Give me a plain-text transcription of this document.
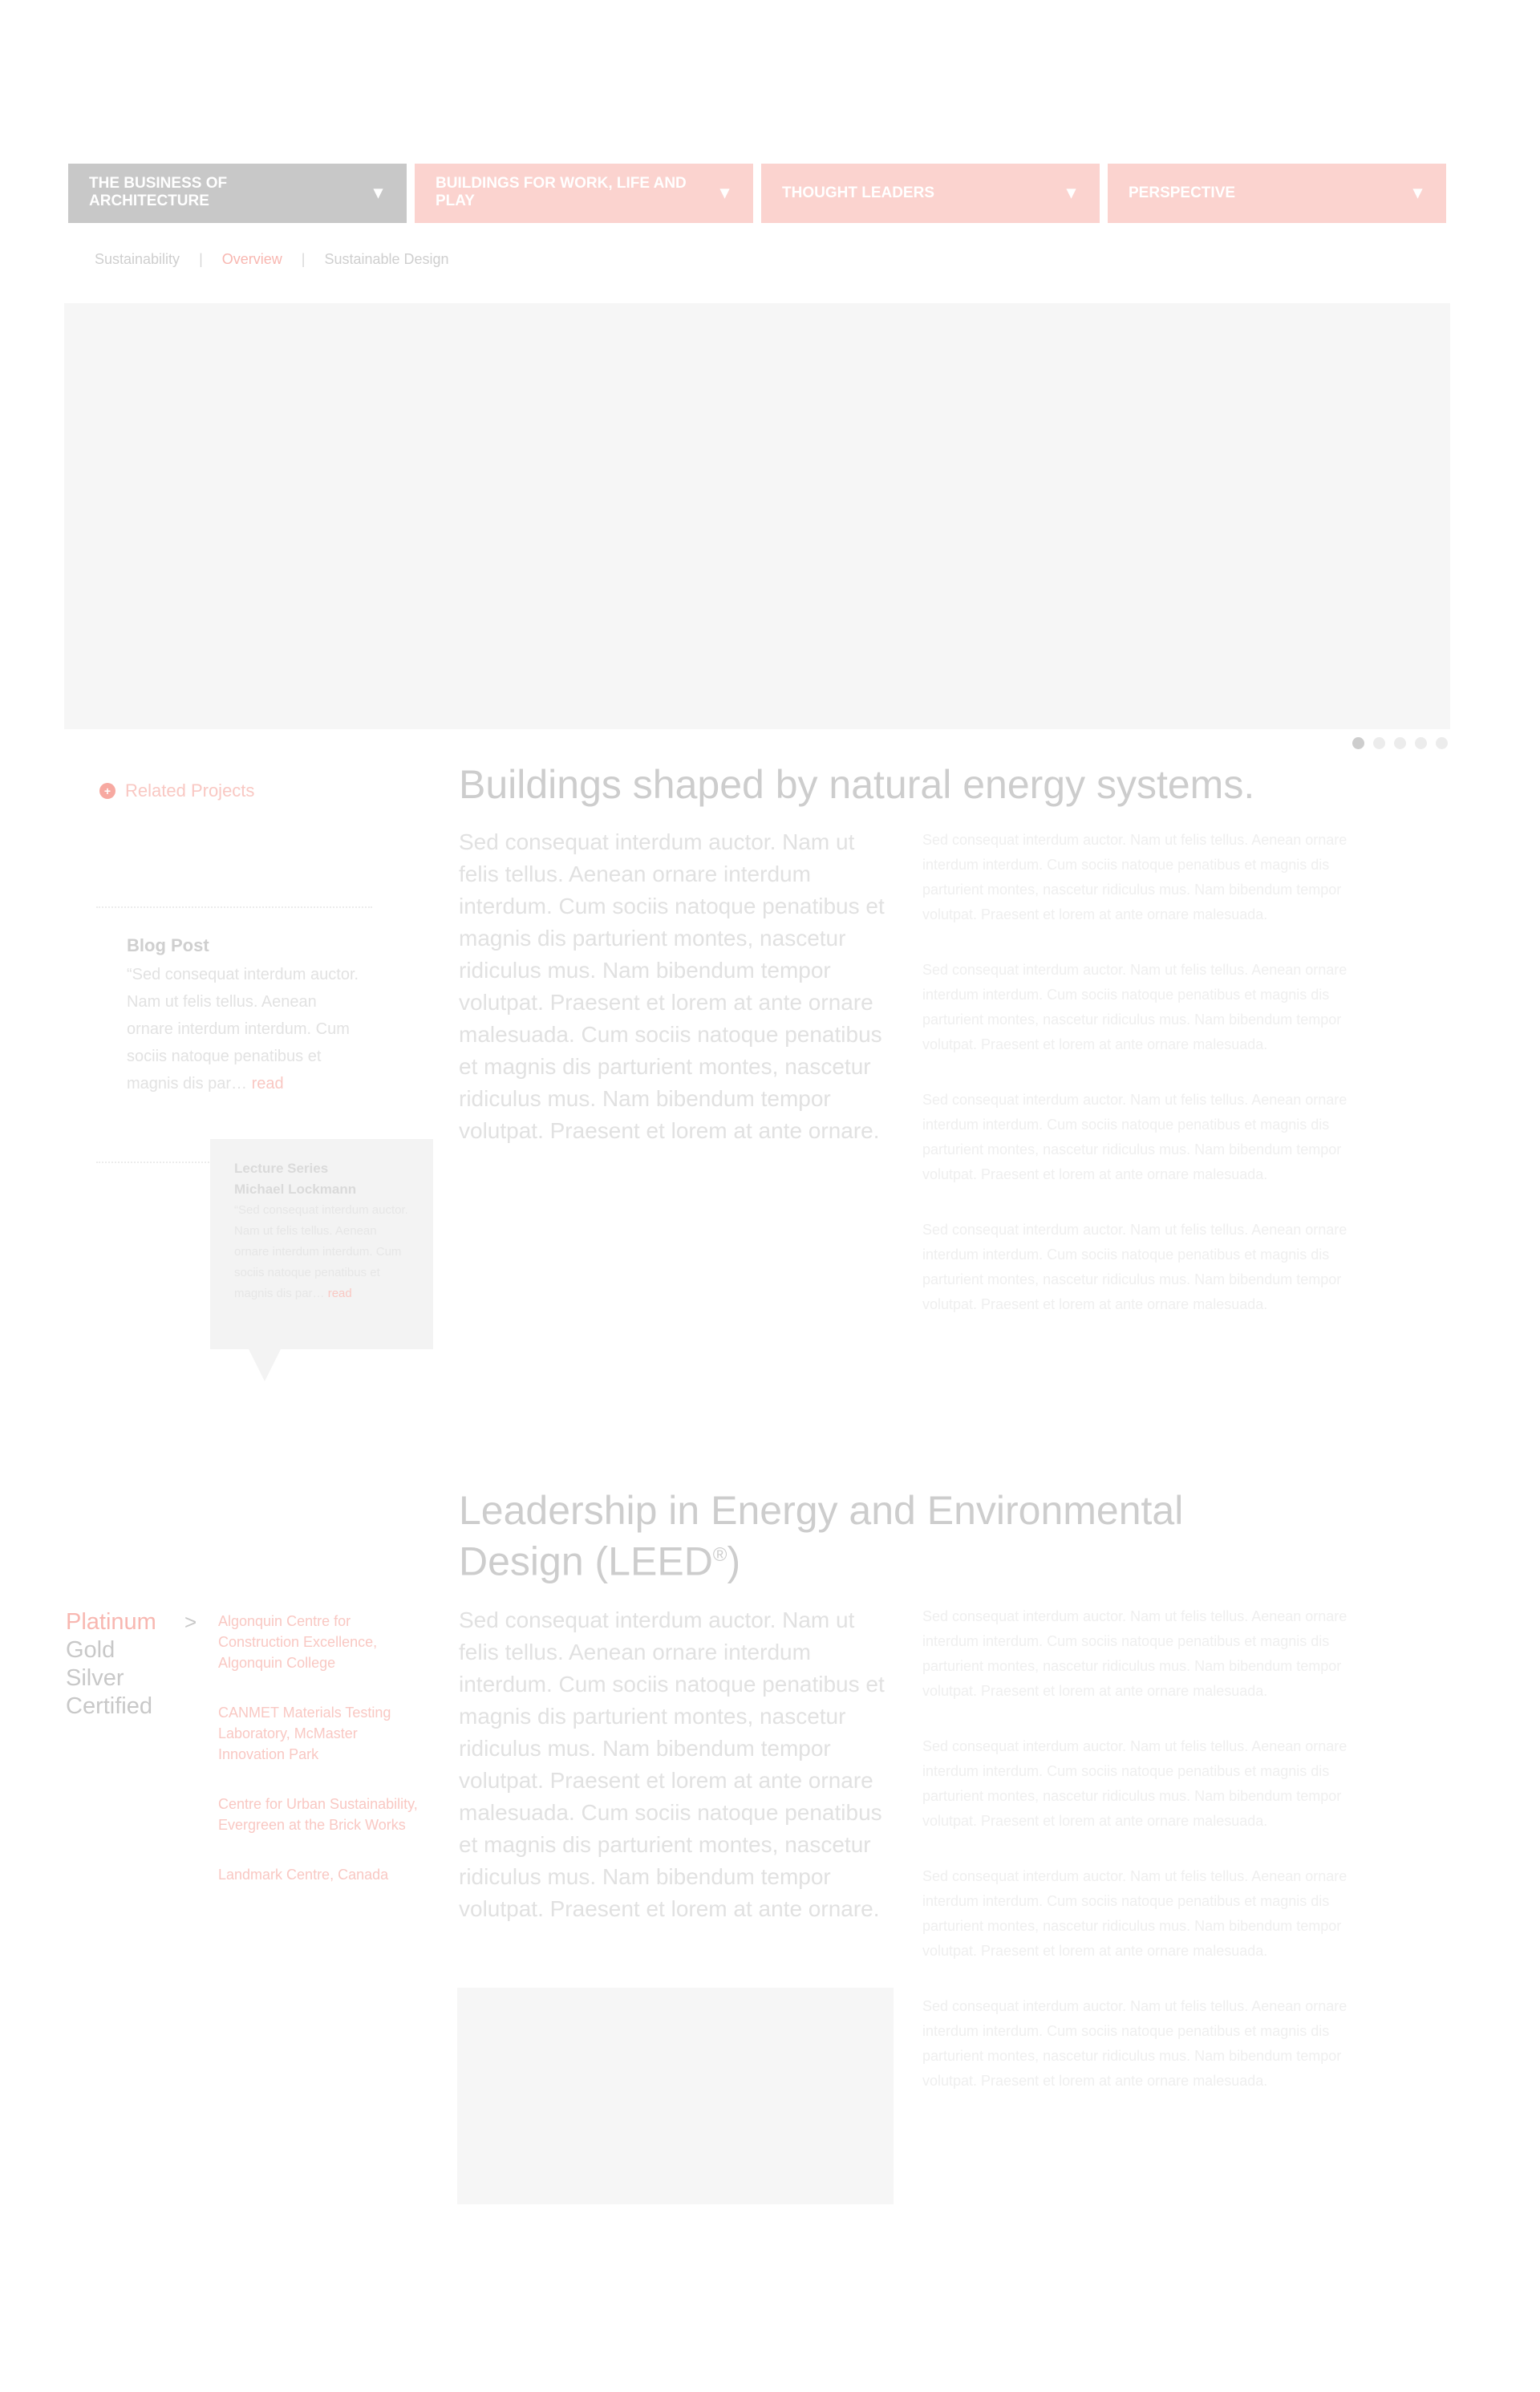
THE BUSINESS OF ARCHITECTURE	▾	BUILDINGS FOR WORK, LIFE AND PLAY	▾	THOUGHT LEADERS	▾	PERSPECTIVE	▾
Sustainability | Overview | Sustainable Design
+ Related Projects
Blog Post
“Sed consequat interdum auctor. Nam ut felis tellus. Aenean ornare interdum interdum. Cum sociis natoque penatibus et magnis dis par… read
Lecture Series
Michael Lockmann
“Sed consequat interdum auctor. Nam ut felis tellus. Aenean ornare interdum interdum. Cum sociis natoque penatibus et magnis dis par… read
Buildings shaped by natural energy systems.
Sed consequat interdum auctor. Nam ut felis tellus. Aenean ornare interdum interdum. Cum sociis natoque penatibus et magnis dis parturient montes, nascetur ridiculus mus. Nam bibendum tempor volutpat. Praesent et lorem at ante ornare malesuada. Cum sociis natoque penatibus et magnis dis parturient montes, nascetur ridiculus mus. Nam bibendum tempor volutpat. Praesent et lorem at ante ornare.

Sed consequat interdum auctor. Nam ut felis tellus. Aenean ornare interdum interdum. Cum sociis natoque penatibus et magnis dis parturient montes, nascetur ridiculus mus. Nam bibendum tempor volutpat. Praesent et lorem at ante ornare malesuada.

Sed consequat interdum auctor. Nam ut felis tellus. Aenean ornare interdum interdum. Cum sociis natoque penatibus et magnis dis parturient montes, nascetur ridiculus mus. Nam bibendum tempor volutpat. Praesent et lorem at ante ornare malesuada.

Sed consequat interdum auctor. Nam ut felis tellus. Aenean ornare interdum interdum. Cum sociis natoque penatibus et magnis dis parturient montes, nascetur ridiculus mus. Nam bibendum tempor volutpat. Praesent et lorem at ante ornare malesuada.

Sed consequat interdum auctor. Nam ut felis tellus. Aenean ornare interdum interdum. Cum sociis natoque penatibus et magnis dis parturient montes, nascetur ridiculus mus. Nam bibendum tempor volutpat. Praesent et lorem at ante ornare malesuada.

Leadership in Energy and Environmental
Design (LEED®)
Sed consequat interdum auctor. Nam ut felis tellus. Aenean ornare interdum interdum. Cum sociis natoque penatibus et magnis dis parturient montes, nascetur ridiculus mus. Nam bibendum tempor volutpat. Praesent et lorem at ante ornare malesuada. Cum sociis natoque penatibus et magnis dis parturient montes, nascetur ridiculus mus. Nam bibendum tempor volutpat. Praesent et lorem at ante ornare.

Sed consequat interdum auctor. Nam ut felis tellus. Aenean ornare interdum interdum. Cum sociis natoque penatibus et magnis dis parturient montes, nascetur ridiculus mus. Nam bibendum tempor volutpat. Praesent et lorem at ante ornare malesuada.

Sed consequat interdum auctor. Nam ut felis tellus. Aenean ornare interdum interdum. Cum sociis natoque penatibus et magnis dis parturient montes, nascetur ridiculus mus. Nam bibendum tempor volutpat. Praesent et lorem at ante ornare malesuada.

Sed consequat interdum auctor. Nam ut felis tellus. Aenean ornare interdum interdum. Cum sociis natoque penatibus et magnis dis parturient montes, nascetur ridiculus mus. Nam bibendum tempor volutpat. Praesent et lorem at ante ornare malesuada.

Sed consequat interdum auctor. Nam ut felis tellus. Aenean ornare interdum interdum. Cum sociis natoque penatibus et magnis dis parturient montes, nascetur ridiculus mus. Nam bibendum tempor volutpat. Praesent et lorem at ante ornare malesuada.

Platinum
Gold
Silver
Certified
> Algonquin Centre for Construction Excellence, Algonquin College
CANMET Materials Testing Laboratory, McMaster Innovation Park
Centre for Urban Sustainability, Evergreen at the Brick Works
Landmark Centre, Canada
